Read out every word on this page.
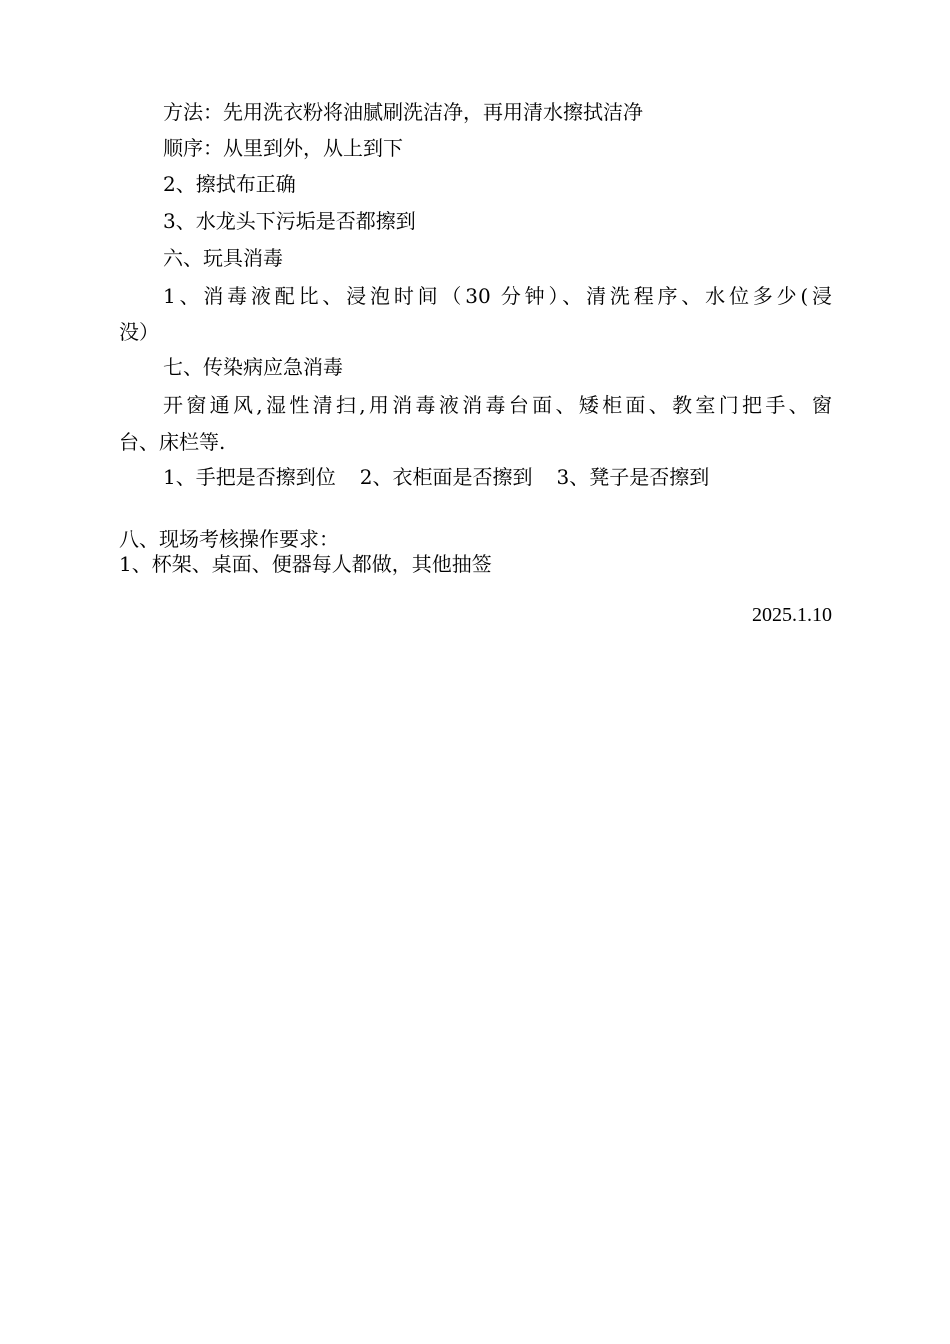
方法：先用洗衣粉将油腻刷洗洁净，再用清水擦拭洁净
顺序：从里到外，从上到下
2、擦拭布正确
3、水龙头下污垢是否都擦到
六、玩具消毒
1、消毒液配比、浸泡时间（30 分钟）、清洗程序、水位多少(浸
没）
七、传染病应急消毒
开窗通风,湿性清扫,用消毒液消毒台面、矮柜面、教室门把手、窗
台、床栏等.
1、手把是否擦到位 2、衣柜面是否擦到 3、凳子是否擦到
八、现场考核操作要求：
1、杯架、桌面、便器每人都做，其他抽签
2025.1.10
